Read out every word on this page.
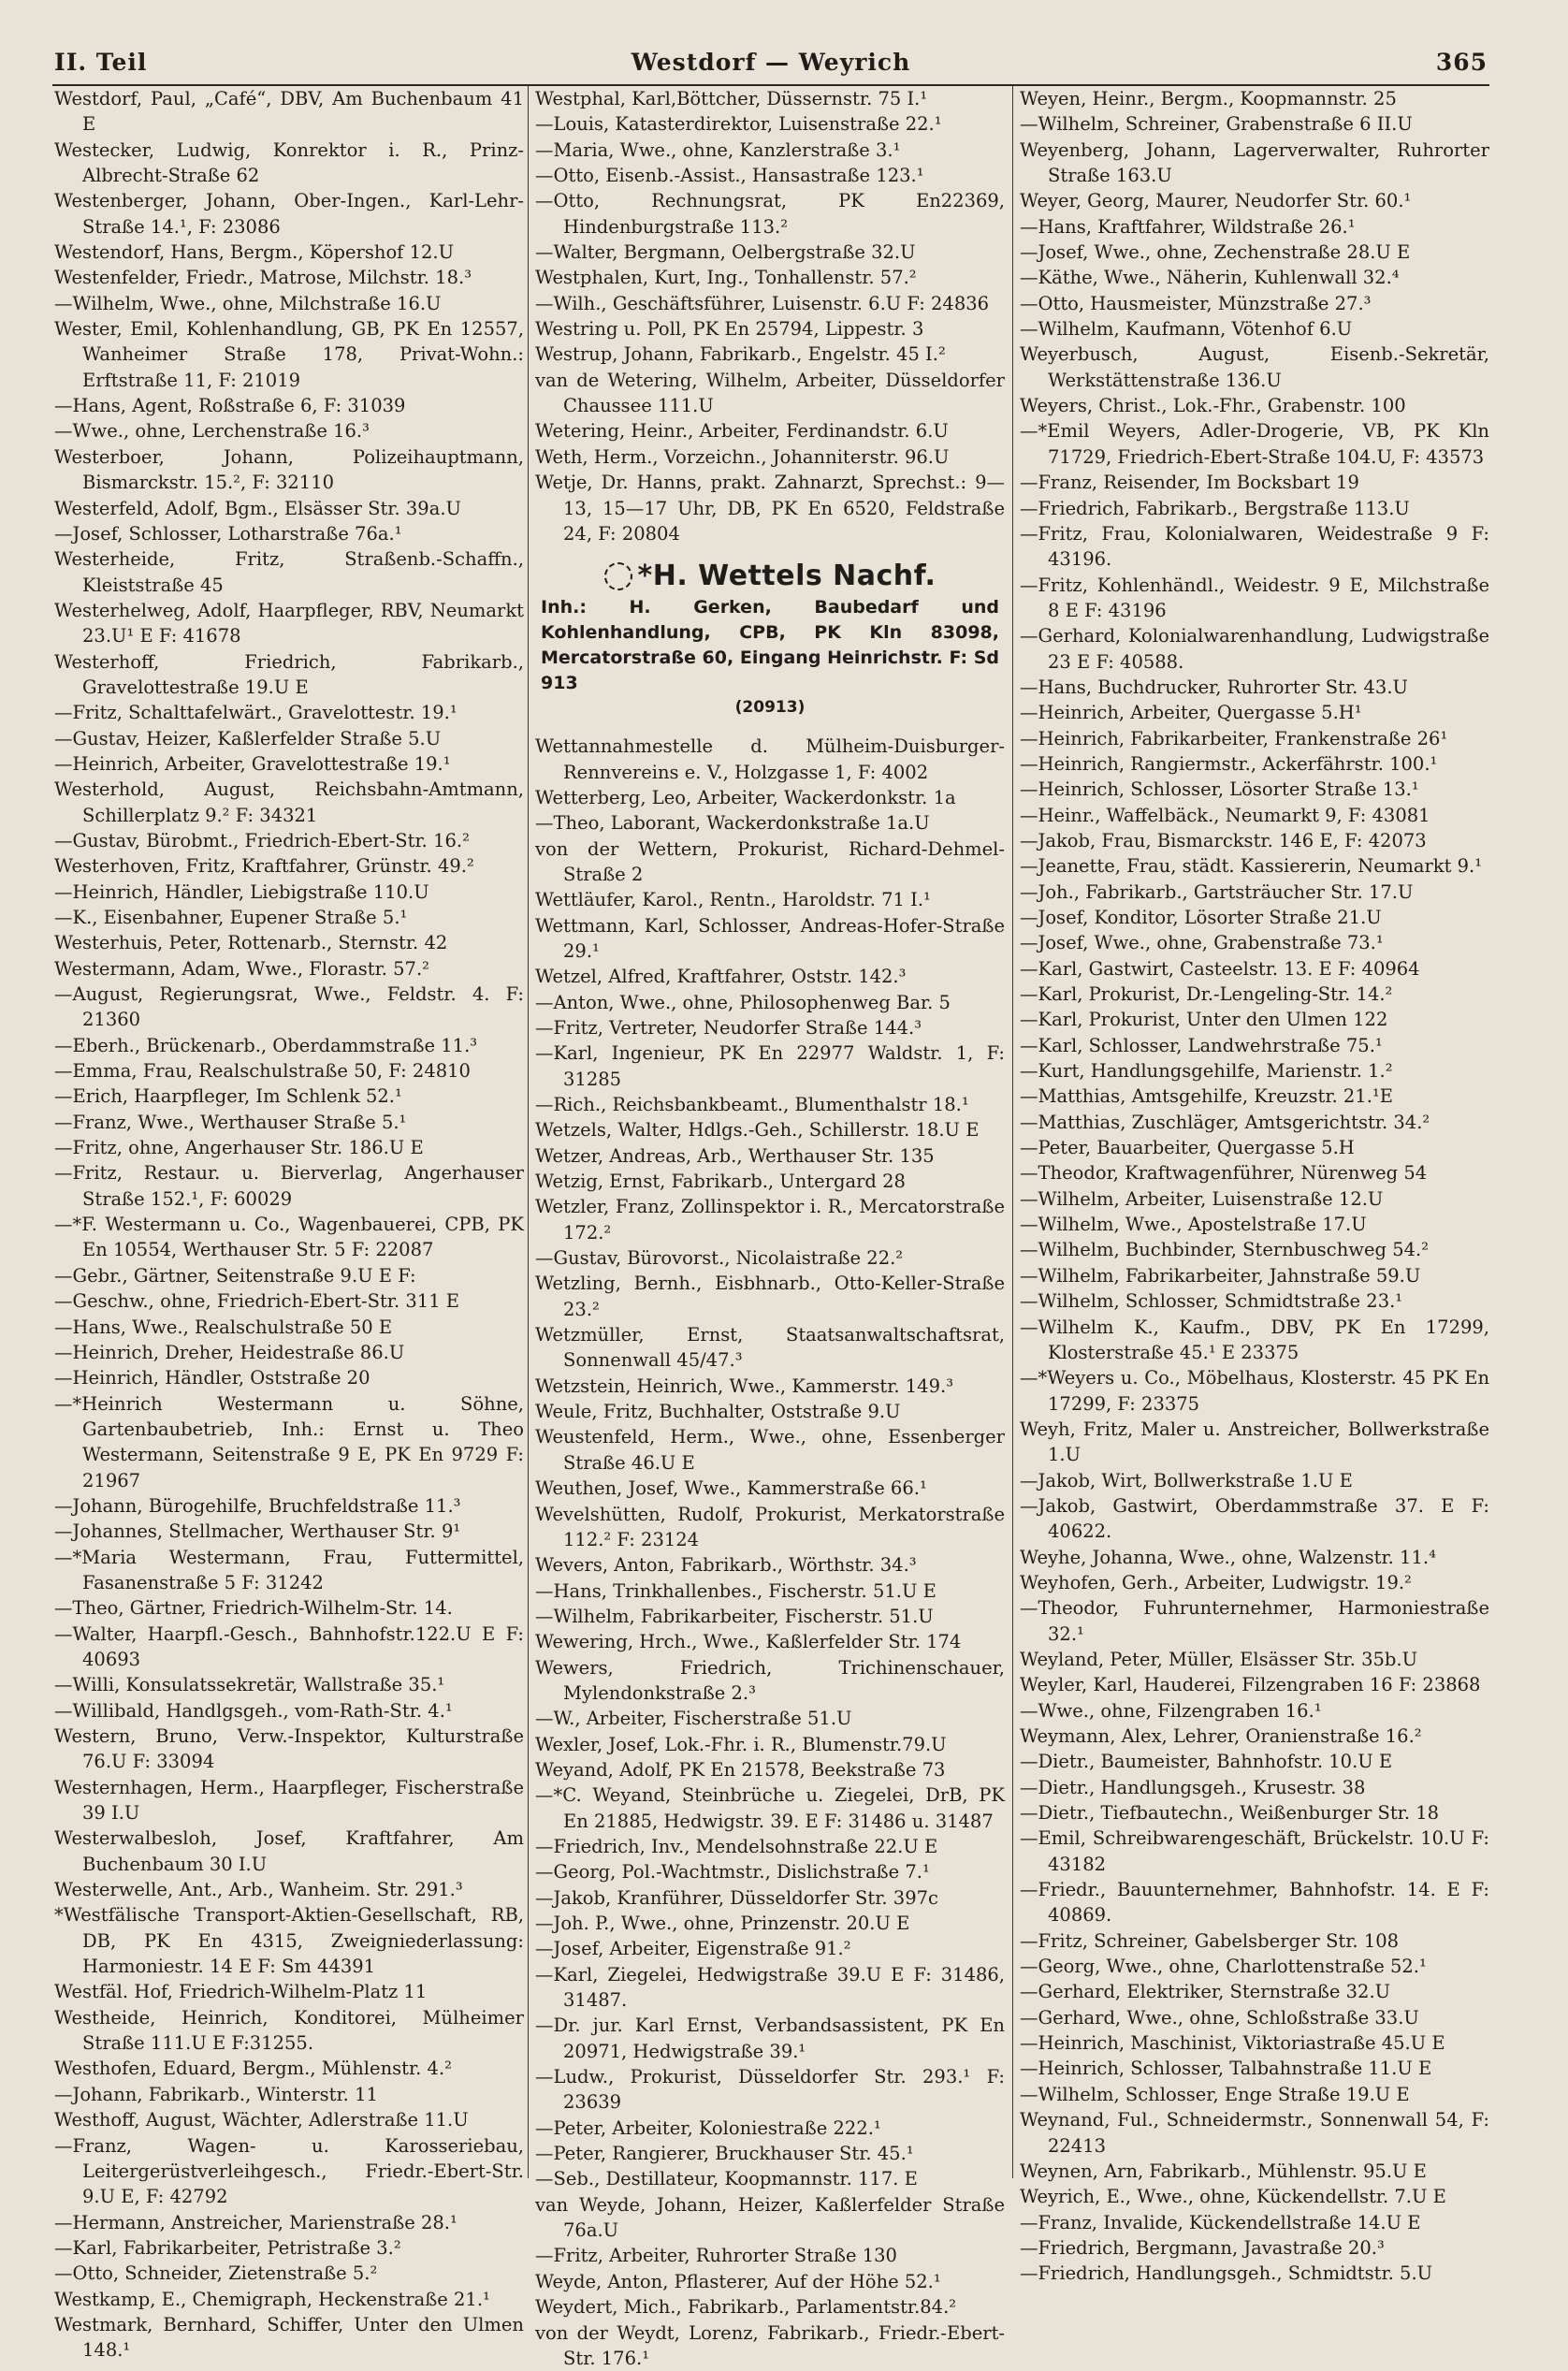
II. Teil	Westdorf — Weyrich	365

Westdorf, Paul, „Café“, DBV, Am Buchenbaum 41 E

Westecker, Ludwig, Konrektor i. R., Prinz-Albrecht-Straße 62

Westenberger, Johann, Ober-Ingen., Karl-Lehr-Straße 14.¹, F: 23086

Westendorf, Hans, Bergm., Köpershof 12.U

Westenfelder, Friedr., Matrose, Milchstr. 18.³

—Wilhelm, Wwe., ohne, Milchstraße 16.U

Wester, Emil, Kohlenhandlung, GB, PK En 12557, Wanheimer Straße 178, Privat-Wohn.: Erftstraße 11, F: 21019

—Hans, Agent, Roßstraße 6, F: 31039

—Wwe., ohne, Lerchenstraße 16.³

Westerboer, Johann, Polizeihauptmann, Bismarckstr. 15.², F: 32110

Westerfeld, Adolf, Bgm., Elsässer Str. 39a.U

—Josef, Schlosser, Lotharstraße 76a.¹

Westerheide, Fritz, Straßenb.-Schaffn., Kleiststraße 45

Westerhelweg, Adolf, Haarpfleger, RBV, Neumarkt 23.U¹ E F: 41678

Westerhoff, Friedrich, Fabrikarb., Gravelottestraße 19.U E

—Fritz, Schalttafelwärt., Gravelottestr. 19.¹

—Gustav, Heizer, Kaßlerfelder Straße 5.U

—Heinrich, Arbeiter, Gravelottestraße 19.¹

Westerhold, August, Reichsbahn-Amtmann, Schillerplatz 9.² F: 34321

—Gustav, Bürobmt., Friedrich-Ebert-Str. 16.²

Westerhoven, Fritz, Kraftfahrer, Grünstr. 49.²

—Heinrich, Händler, Liebigstraße 110.U

—K., Eisenbahner, Eupener Straße 5.¹

Westerhuis, Peter, Rottenarb., Sternstr. 42

Westermann, Adam, Wwe., Florastr. 57.²

—August, Regierungsrat, Wwe., Feldstr. 4. F: 21360

—Eberh., Brückenarb., Oberdammstraße 11.³

—Emma, Frau, Realschulstraße 50, F: 24810

—Erich, Haarpfleger, Im Schlenk 52.¹

—Franz, Wwe., Werthauser Straße 5.¹

—Fritz, ohne, Angerhauser Str. 186.U E

—Fritz, Restaur. u. Bierverlag, Angerhauser Straße 152.¹, F: 60029

—*F. Westermann u. Co., Wagenbauerei, CPB, PK En 10554, Werthauser Str. 5 F: 22087

—Gebr., Gärtner, Seitenstraße 9.U E F:

—Geschw., ohne, Friedrich-Ebert-Str. 311 E

—Hans, Wwe., Realschulstraße 50 E

—Heinrich, Dreher, Heidestraße 86.U

—Heinrich, Händler, Oststraße 20

—*Heinrich Westermann u. Söhne, Gartenbaubetrieb, Inh.: Ernst u. Theo Westermann, Seitenstraße 9 E, PK En 9729 F: 21967

—Johann, Bürogehilfe, Bruchfeldstraße 11.³

—Johannes, Stellmacher, Werthauser Str. 9¹

—*Maria Westermann, Frau, Futtermittel, Fasanenstraße 5 F: 31242

—Theo, Gärtner, Friedrich-Wilhelm-Str. 14.

—Walter, Haarpfl.-Gesch., Bahnhofstr.122.U E F: 40693

—Willi, Konsulatssekretär, Wallstraße 35.¹

—Willibald, Handlgsgeh., vom-Rath-Str. 4.¹

Western, Bruno, Verw.-Inspektor, Kulturstraße 76.U F: 33094

Westernhagen, Herm., Haarpfleger, Fischerstraße 39 I.U

Westerwalbesloh, Josef, Kraftfahrer, Am Buchenbaum 30 I.U

Westerwelle, Ant., Arb., Wanheim. Str. 291.³

*Westfälische Transport-Aktien-Gesellschaft, RB, DB, PK En 4315, Zweigniederlassung: Harmoniestr. 14 E F: Sm 44391

Westfäl. Hof, Friedrich-Wilhelm-Platz 11

Westheide, Heinrich, Konditorei, Mülheimer Straße 111.U E F:31255.

Westhofen, Eduard, Bergm., Mühlenstr. 4.²

—Johann, Fabrikarb., Winterstr. 11

Westhoff, August, Wächter, Adlerstraße 11.U

—Franz, Wagen- u. Karosseriebau, Leitergerüstverleihgesch., Friedr.-Ebert-Str. 9.U E, F: 42792

—Hermann, Anstreicher, Marienstraße 28.¹

—Karl, Fabrikarbeiter, Petristraße 3.²

—Otto, Schneider, Zietenstraße 5.²

Westkamp, E., Chemigraph, Heckenstraße 21.¹

Westmark, Bernhard, Schiffer, Unter den Ulmen 148.¹

Westphal, Karl,Böttcher, Düssernstr. 75 I.¹

—Louis, Katasterdirektor, Luisenstraße 22.¹

—Maria, Wwe., ohne, Kanzlerstraße 3.¹

—Otto, Eisenb.-Assist., Hansastraße 123.¹

—Otto, Rechnungsrat, PK En22369, Hindenburgstraße 113.²

—Walter, Bergmann, Oelbergstraße 32.U

Westphalen, Kurt, Ing., Tonhallenstr. 57.²

—Wilh., Geschäftsführer, Luisenstr. 6.U F: 24836

Westring u. Poll, PK En 25794, Lippestr. 3

Westrup, Johann, Fabrikarb., Engelstr. 45 I.²

van de Wetering, Wilhelm, Arbeiter, Düsseldorfer Chaussee 111.U

Wetering, Heinr., Arbeiter, Ferdinandstr. 6.U

Weth, Herm., Vorzeichn., Johanniterstr. 96.U

Wetje, Dr. Hanns, prakt. Zahnarzt, Sprechst.: 9—13, 15—17 Uhr, DB, PK En 6520, Feldstraße 24, F: 20804

*H. Wettels Nachf.

Inh.: H. Gerken, Baubedarf und Kohlenhandlung, CPB, PK Kln 83098, Mercatorstraße 60, Eingang Heinrichstr. F: Sd 913

(20913)

Wettannahmestelle d. Mülheim-Duisburger-Rennvereins e. V., Holzgasse 1, F: 4002

Wetterberg, Leo, Arbeiter, Wackerdonkstr. 1a

—Theo, Laborant, Wackerdonkstraße 1a.U

von der Wettern, Prokurist, Richard-Dehmel-Straße 2

Wettläufer, Karol., Rentn., Haroldstr. 71 I.¹

Wettmann, Karl, Schlosser, Andreas-Hofer-Straße 29.¹

Wetzel, Alfred, Kraftfahrer, Oststr. 142.³

—Anton, Wwe., ohne, Philosophenweg Bar. 5

—Fritz, Vertreter, Neudorfer Straße 144.³

—Karl, Ingenieur, PK En 22977 Waldstr. 1, F: 31285

—Rich., Reichsbankbeamt., Blumenthalstr 18.¹

Wetzels, Walter, Hdlgs.-Geh., Schillerstr. 18.U E

Wetzer, Andreas, Arb., Werthauser Str. 135

Wetzig, Ernst, Fabrikarb., Untergard 28

Wetzler, Franz, Zollinspektor i. R., Mercatorstraße 172.²

—Gustav, Bürovorst., Nicolaistraße 22.²

Wetzling, Bernh., Eisbhnarb., Otto-Keller-Straße 23.²

Wetzmüller, Ernst, Staatsanwaltschaftsrat, Sonnenwall 45/47.³

Wetzstein, Heinrich, Wwe., Kammerstr. 149.³

Weule, Fritz, Buchhalter, Oststraße 9.U

Weustenfeld, Herm., Wwe., ohne, Essenberger Straße 46.U E

Weuthen, Josef, Wwe., Kammerstraße 66.¹

Wevelshütten, Rudolf, Prokurist, Merkatorstraße 112.² F: 23124

Wevers, Anton, Fabrikarb., Wörthstr. 34.³

—Hans, Trinkhallenbes., Fischerstr. 51.U E

—Wilhelm, Fabrikarbeiter, Fischerstr. 51.U

Wewering, Hrch., Wwe., Kaßlerfelder Str. 174

Wewers, Friedrich, Trichinenschauer, Mylendonkstraße 2.³

—W., Arbeiter, Fischerstraße 51.U

Wexler, Josef, Lok.-Fhr. i. R., Blumenstr.79.U

Weyand, Adolf, PK En 21578, Beekstraße 73

—*C. Weyand, Steinbrüche u. Ziegelei, DrB, PK En 21885, Hedwigstr. 39. E F: 31486 u. 31487

—Friedrich, Inv., Mendelsohnstraße 22.U E

—Georg, Pol.-Wachtmstr., Dislichstraße 7.¹

—Jakob, Kranführer, Düsseldorfer Str. 397c

—Joh. P., Wwe., ohne, Prinzenstr. 20.U E

—Josef, Arbeiter, Eigenstraße 91.²

—Karl, Ziegelei, Hedwigstraße 39.U E F: 31486, 31487.

—Dr. jur. Karl Ernst, Verbandsassistent, PK En 20971, Hedwigstraße 39.¹

—Ludw., Prokurist, Düsseldorfer Str. 293.¹ F: 23639

—Peter, Arbeiter, Koloniestraße 222.¹

—Peter, Rangierer, Bruckhauser Str. 45.¹

—Seb., Destillateur, Koopmannstr. 117. E

van Weyde, Johann, Heizer, Kaßlerfelder Straße 76a.U

—Fritz, Arbeiter, Ruhrorter Straße 130

Weyde, Anton, Pflasterer, Auf der Höhe 52.¹

Weydert, Mich., Fabrikarb., Parlamentstr.84.²

von der Weydt, Lorenz, Fabrikarb., Friedr.-Ebert-Str. 176.¹

Weyen, Heinr., Bergm., Koopmannstr. 25

—Wilhelm, Schreiner, Grabenstraße 6 II.U

Weyenberg, Johann, Lagerverwalter, Ruhrorter Straße 163.U

Weyer, Georg, Maurer, Neudorfer Str. 60.¹

—Hans, Kraftfahrer, Wildstraße 26.¹

—Josef, Wwe., ohne, Zechenstraße 28.U E

—Käthe, Wwe., Näherin, Kuhlenwall 32.⁴

—Otto, Hausmeister, Münzstraße 27.³

—Wilhelm, Kaufmann, Vötenhof 6.U

Weyerbusch, August, Eisenb.-Sekretär, Werkstättenstraße 136.U

Weyers, Christ., Lok.-Fhr., Grabenstr. 100

—*Emil Weyers, Adler-Drogerie, VB, PK Kln 71729, Friedrich-Ebert-Straße 104.U, F: 43573

—Franz, Reisender, Im Bocksbart 19

—Friedrich, Fabrikarb., Bergstraße 113.U

—Fritz, Frau, Kolonialwaren, Weidestraße 9 F: 43196.

—Fritz, Kohlenhändl., Weidestr. 9 E, Milchstraße 8 E F: 43196

—Gerhard, Kolonialwarenhandlung, Ludwigstraße 23 E F: 40588.

—Hans, Buchdrucker, Ruhrorter Str. 43.U

—Heinrich, Arbeiter, Quergasse 5.H¹

—Heinrich, Fabrikarbeiter, Frankenstraße 26¹

—Heinrich, Rangiermstr., Ackerfährstr. 100.¹

—Heinrich, Schlosser, Lösorter Straße 13.¹

—Heinr., Waffelbäck., Neumarkt 9, F: 43081

—Jakob, Frau, Bismarckstr. 146 E, F: 42073

—Jeanette, Frau, städt. Kassiererin, Neumarkt 9.¹

—Joh., Fabrikarb., Gartsträucher Str. 17.U

—Josef, Konditor, Lösorter Straße 21.U

—Josef, Wwe., ohne, Grabenstraße 73.¹

—Karl, Gastwirt, Casteelstr. 13. E F: 40964

—Karl, Prokurist, Dr.-Lengeling-Str. 14.²

—Karl, Prokurist, Unter den Ulmen 122

—Karl, Schlosser, Landwehrstraße 75.¹

—Kurt, Handlungsgehilfe, Marienstr. 1.²

—Matthias, Amtsgehilfe, Kreuzstr. 21.¹E

—Matthias, Zuschläger, Amtsgerichtstr. 34.²

—Peter, Bauarbeiter, Quergasse 5.H

—Theodor, Kraftwagenführer, Nürenweg 54

—Wilhelm, Arbeiter, Luisenstraße 12.U

—Wilhelm, Wwe., Apostelstraße 17.U

—Wilhelm, Buchbinder, Sternbuschweg 54.²

—Wilhelm, Fabrikarbeiter, Jahnstraße 59.U

—Wilhelm, Schlosser, Schmidtstraße 23.¹

—Wilhelm K., Kaufm., DBV, PK En 17299, Klosterstraße 45.¹ E 23375

—*Weyers u. Co., Möbelhaus, Klosterstr. 45 PK En 17299, F: 23375

Weyh, Fritz, Maler u. Anstreicher, Bollwerkstraße 1.U

—Jakob, Wirt, Bollwerkstraße 1.U E

—Jakob, Gastwirt, Oberdammstraße 37. E F: 40622.

Weyhe, Johanna, Wwe., ohne, Walzenstr. 11.⁴

Weyhofen, Gerh., Arbeiter, Ludwigstr. 19.²

—Theodor, Fuhrunternehmer, Harmoniestraße 32.¹

Weyland, Peter, Müller, Elsässer Str. 35b.U

Weyler, Karl, Hauderei, Filzengraben 16 F: 23868

—Wwe., ohne, Filzengraben 16.¹

Weymann, Alex, Lehrer, Oranienstraße 16.²

—Dietr., Baumeister, Bahnhofstr. 10.U E

—Dietr., Handlungsgeh., Krusestr. 38

—Dietr., Tiefbautechn., Weißenburger Str. 18

—Emil, Schreibwarengeschäft, Brückelstr. 10.U F: 43182

—Friedr., Bauunternehmer, Bahnhofstr. 14. E F: 40869.

—Fritz, Schreiner, Gabelsberger Str. 108

—Georg, Wwe., ohne, Charlottenstraße 52.¹

—Gerhard, Elektriker, Sternstraße 32.U

—Gerhard, Wwe., ohne, Schloßstraße 33.U

—Heinrich, Maschinist, Viktoriastraße 45.U E

—Heinrich, Schlosser, Talbahnstraße 11.U E

—Wilhelm, Schlosser, Enge Straße 19.U E

Weynand, Ful., Schneidermstr., Sonnenwall 54, F: 22413

Weynen, Arn, Fabrikarb., Mühlenstr. 95.U E

Weyrich, E., Wwe., ohne, Kückendellstr. 7.U E

—Franz, Invalide, Kückendellstraße 14.U E

—Friedrich, Bergmann, Javastraße 20.³

—Friedrich, Handlungsgeh., Schmidtstr. 5.U
